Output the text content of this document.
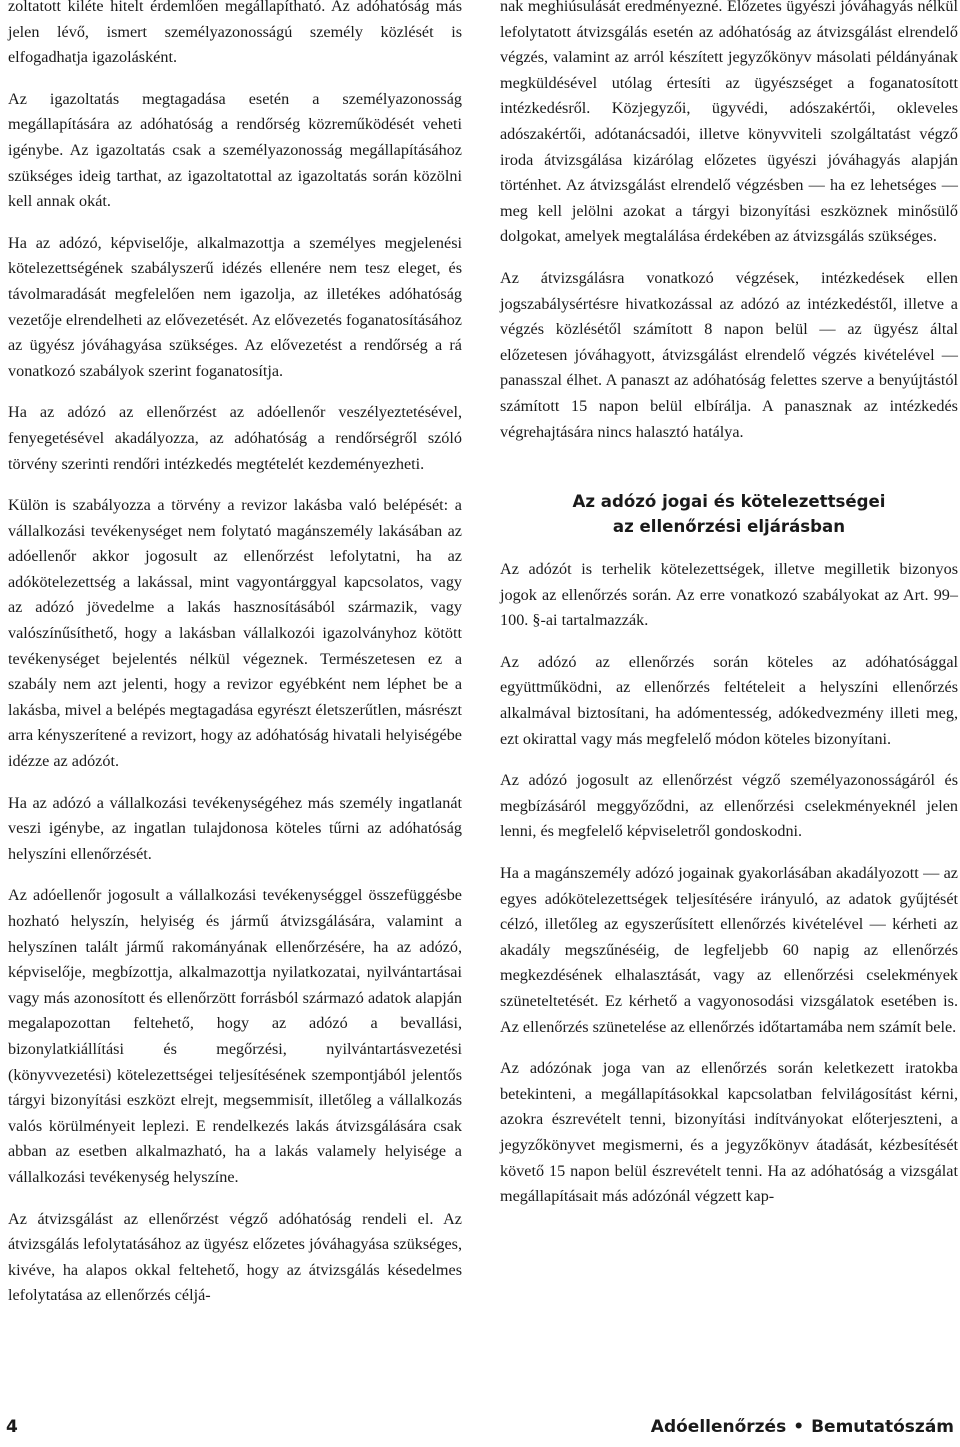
zoltatott kiléte hitelt érdemlően megállapítható. Az adóhatóság más jelen lévő, ismert személyazonosságú személy közlését is elfogadhatja igazolásként.

Az igazoltatás megtagadása esetén a személyazonosság megállapítására az adóhatóság a rendőrség közreműködését veheti igénybe. Az igazoltatás csak a személyazonosság megállapításához szükséges ideig tarthat, az igazoltatottal az igazoltatás során közölni kell annak okát.

Ha az adózó, képviselője, alkalmazottja a személyes megjelenési kötelezettségének szabályszerű idézés ellenére nem tesz eleget, és távolmaradását megfelelően nem igazolja, az illetékes adóhatóság vezetője elrendelheti az elővezetését. Az elővezetés foganatosításához az ügyész jóváhagyása szükséges. Az elővezetést a rendőrség a rá vonatkozó szabályok szerint foganatosítja.

Ha az adózó az ellenőrzést az adóellenőr veszélyeztetésével, fenyegetésével akadályozza, az adóhatóság a rendőrségről szóló törvény szerinti rendőri intézkedés megtételét kezdeményezheti.

Külön is szabályozza a törvény a revizor lakásba való belépését: a vállalkozási tevékenységet nem folytató magánszemély lakásában az adóellenőr akkor jogosult az ellenőrzést lefolytatni, ha az adókötelezettség a lakással, mint vagyontárggyal kapcsolatos, vagy az adózó jövedelme a lakás hasznosításából származik, vagy valószínűsíthető, hogy a lakásban vállalkozói igazolványhoz kötött tevékenységet bejelentés nélkül végeznek. Természetesen ez a szabály nem azt jelenti, hogy a revizor egyébként nem léphet be a lakásba, mivel a belépés megtagadása egyrészt életszerűtlen, másrészt arra kényszerítené a revizort, hogy az adóhatóság hivatali helyiségébe idézze az adózót.

Ha az adózó a vállalkozási tevékenységéhez más személy ingatlanát veszi igénybe, az ingatlan tulajdonosa köteles tűrni az adóhatóság helyszíni ellenőrzését.

Az adóellenőr jogosult a vállalkozási tevékenységgel összefüggésbe hozható helyszín, helyiség és jármű átvizsgálására, valamint a helyszínen talált jármű rakományának ellenőrzésére, ha az adózó, képviselője, megbízottja, alkalmazottja nyilatkozatai, nyilvántartásai vagy más azonosított és ellenőrzött forrásból származó adatok alapján megalapozottan feltehető, hogy az adózó a bevallási, bizonylatkiállítási és megőrzési, nyilvántartásvezetési (könyvvezetési) kötelezettségei teljesítésének szempontjából jelentős tárgyi bizonyítási eszközt elrejt, megsemmisít, illetőleg a vállalkozás valós körülményeit leplezi. E rendelkezés lakás átvizsgálására csak abban az esetben alkalmazható, ha a lakás valamely helyisége a vállalkozási tevékenység helyszíne.

Az átvizsgálást az ellenőrzést végző adóhatóság rendeli el. Az átvizsgálás lefolytatásához az ügyész előzetes jóváhagyása szükséges, kivéve, ha alapos okkal feltehető, hogy az átvizsgálás késedelmes lefolytatása az ellenőrzés céljá-

nak meghiúsulását eredményezné. Előzetes ügyészi jóváhagyás nélkül lefolytatott átvizsgálás esetén az adóhatóság az átvizsgálást elrendelő végzés, valamint az arról készített jegyzőkönyv másolati példányának megküldésével utólag értesíti az ügyészséget a foganatosított intézkedésről. Közjegyzői, ügyvédi, adószakértői, okleveles adószakértői, adótanácsadói, illetve könyvviteli szolgáltatást végző iroda átvizsgálása kizárólag előzetes ügyészi jóváhagyás alapján történhet. Az átvizsgálást elrendelő végzésben — ha ez lehetséges — meg kell jelölni azokat a tárgyi bizonyítási eszköznek minősülő dolgokat, amelyek megtalálása érdekében az átvizsgálás szükséges.

Az átvizsgálásra vonatkozó végzések, intézkedések ellen jogszabálysértésre hivatkozással az adózó az intézkedéstől, illetve a végzés közlésétől számított 8 napon belül — az ügyész által előzetesen jóváhagyott, átvizsgálást elrendelő végzés kivételével — panasszal élhet. A panaszt az adóhatóság felettes szerve a benyújtástól számított 15 napon belül elbírálja. A panasznak az intézkedés végrehajtására nincs halasztó hatálya.

Az adózó jogai és kötelezettségei
az ellenőrzési eljárásban

Az adózót is terhelik kötelezettségek, illetve megilletik bizonyos jogok az ellenőrzés során. Az erre vonatkozó szabályokat az Art. 99–100. §-ai tartalmazzák.

Az adózó az ellenőrzés során köteles az adóhatósággal együttműködni, az ellenőrzés feltételeit a helyszíni ellenőrzés alkalmával biztosítani, ha adómentesség, adókedvezmény illeti meg, ezt okirattal vagy más megfelelő módon köteles bizonyítani.

Az adózó jogosult az ellenőrzést végző személyazonosságáról és megbízásáról meggyőződni, az ellenőrzési cselekményeknél jelen lenni, és megfelelő képviseletről gondoskodni.

Ha a magánszemély adózó jogainak gyakorlásában akadályozott — az egyes adókötelezettségek teljesítésére irányuló, az adatok gyűjtését célzó, illetőleg az egyszerűsített ellenőrzés kivételével — kérheti az akadály megszűnéséig, de legfeljebb 60 napig az ellenőrzés megkezdésének elhalasztását, vagy az ellenőrzési cselekmények szüneteltetését. Ez kérhető a vagyonosodási vizsgálatok esetében is. Az ellenőrzés szünetelése az ellenőrzés időtartamába nem számít bele.

Az adózónak joga van az ellenőrzés során keletkezett iratokba betekinteni, a megállapításokkal kapcsolatban felvilágosítást kérni, azokra észrevételt tenni, bizonyítási indítványokat előterjeszteni, a jegyzőkönyvet megismerni, és a jegyzőkönyv átadását, kézbesítését követő 15 napon belül észrevételt tenni. Ha az adóhatóság a vizsgálat megállapításait más adózónál végzett kap-

4	Adóellenőrzés • Bemutatószám
